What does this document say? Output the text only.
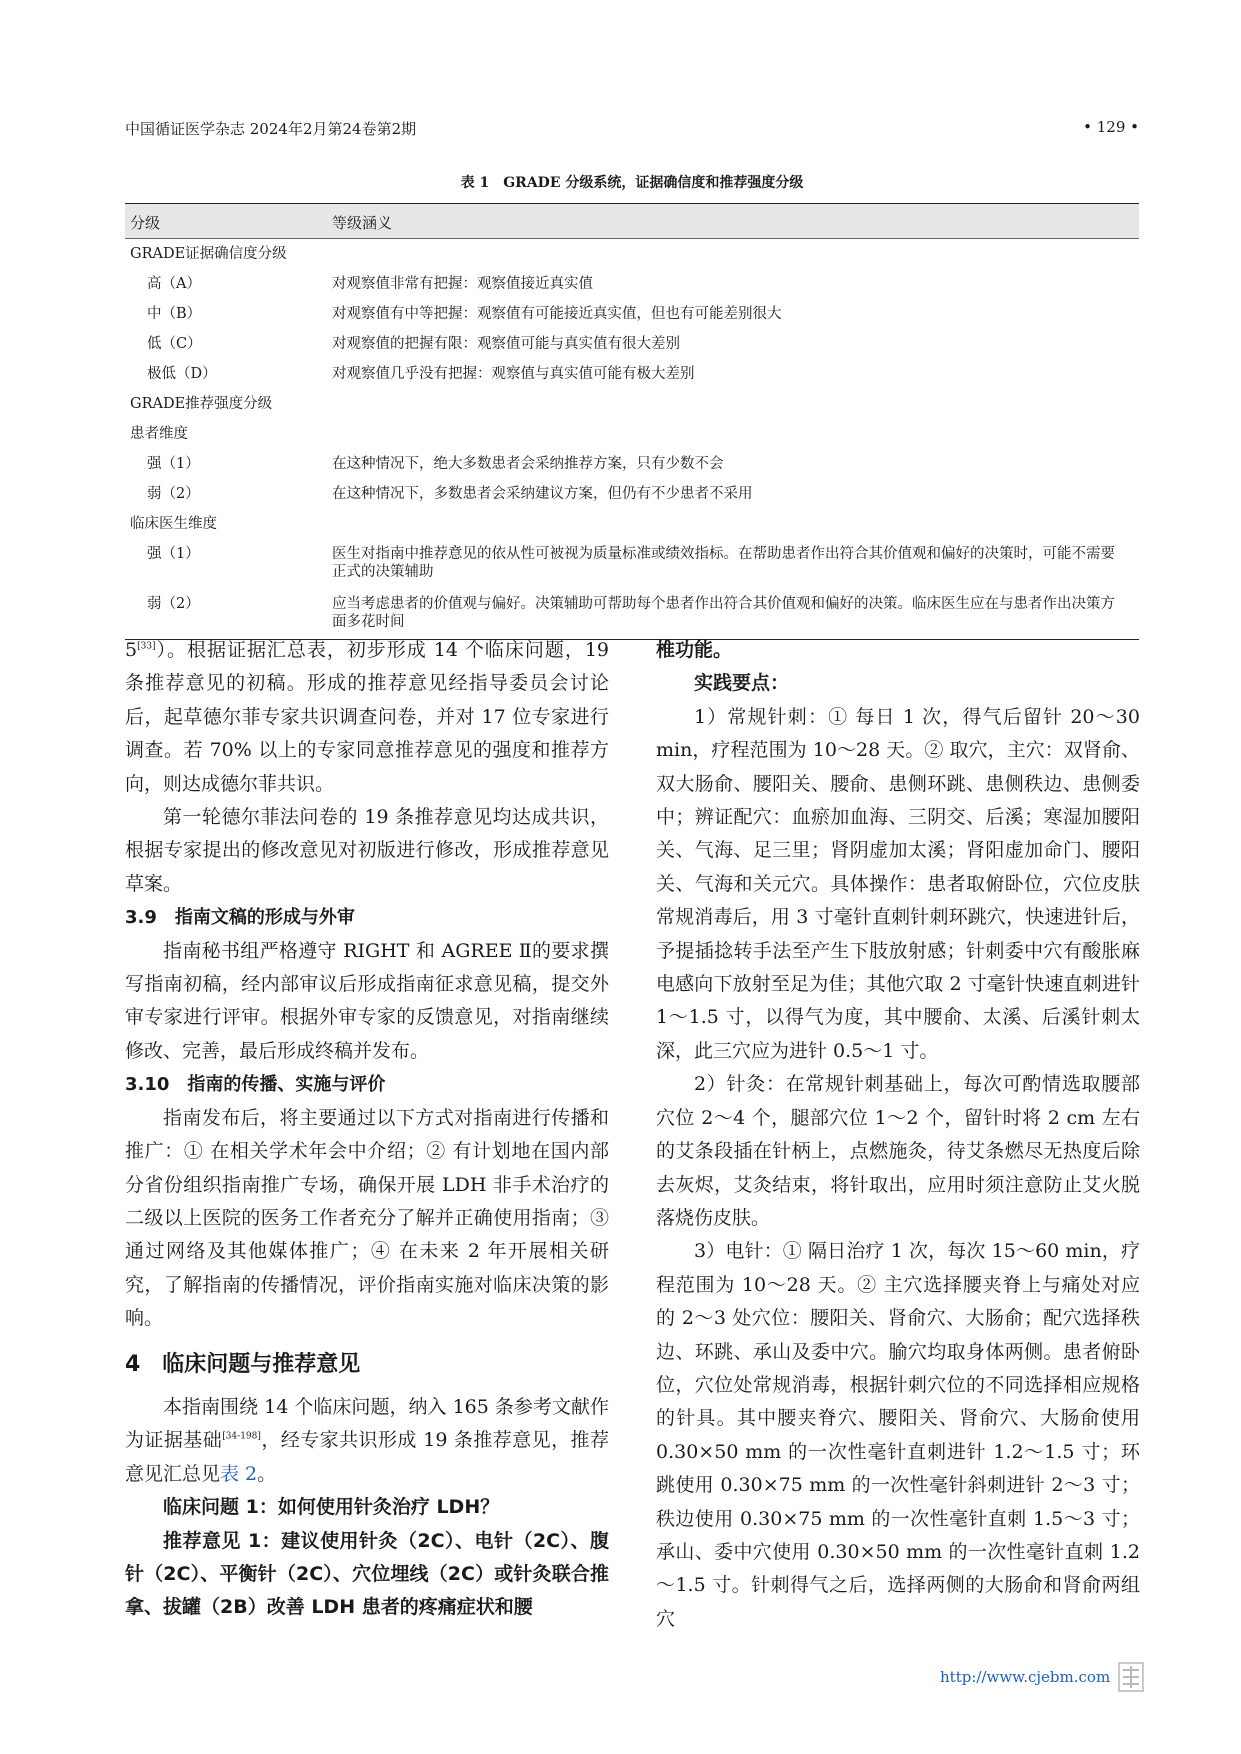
中国循证医学杂志 2024年2月第24卷第2期	• 129 •
表 1　GRADE 分级系统，证据确信度和推荐强度分级
分级	等级涵义
GRADE证据确信度分级
高（A）	对观察值非常有把握：观察值接近真实值
中（B）	对观察值有中等把握：观察值有可能接近真实值，但也有可能差别很大
低（C）	对观察值的把握有限：观察值可能与真实值有很大差别
极低（D）	对观察值几乎没有把握：观察值与真实值可能有极大差别
GRADE推荐强度分级
患者维度
强（1）	在这种情况下，绝大多数患者会采纳推荐方案，只有少数不会
弱（2）	在这种情况下，多数患者会采纳建议方案，但仍有不少患者不采用
临床医生维度
强（1）	医生对指南中推荐意见的依从性可被视为质量标准或绩效指标。在帮助患者作出符合其价值观和偏好的决策时，可能不需要正式的决策辅助
弱（2）	应当考虑患者的价值观与偏好。决策辅助可帮助每个患者作出符合其价值观和偏好的决策。临床医生应在与患者作出决策方面多花时间

5[33]）。根据证据汇总表，初步形成 14 个临床问题，19 条推荐意见的初稿。形成的推荐意见经指导委员会讨论后，起草德尔菲专家共识调查问卷，并对 17 位专家进行调查。若 70% 以上的专家同意推荐意见的强度和推荐方向，则达成德尔菲共识。

第一轮德尔菲法问卷的 19 条推荐意见均达成共识，根据专家提出的修改意见对初版进行修改，形成推荐意见草案。

3.9　指南文稿的形成与外审

指南秘书组严格遵守 RIGHT 和 AGREE Ⅱ的要求撰写指南初稿，经内部审议后形成指南征求意见稿，提交外审专家进行评审。根据外审专家的反馈意见，对指南继续修改、完善，最后形成终稿并发布。

3.10　指南的传播、实施与评价

指南发布后，将主要通过以下方式对指南进行传播和推广：① 在相关学术年会中介绍；② 有计划地在国内部分省份组织指南推广专场，确保开展 LDH 非手术治疗的二级以上医院的医务工作者充分了解并正确使用指南；③ 通过网络及其他媒体推广；④ 在未来 2 年开展相关研究，了解指南的传播情况，评价指南实施对临床决策的影响。

4　临床问题与推荐意见

本指南围绕 14 个临床问题，纳入 165 条参考文献作为证据基础[34-198]，经专家共识形成 19 条推荐意见，推荐意见汇总见表 2。

临床问题 1：如何使用针灸治疗 LDH？

推荐意见 1：建议使用针灸（2C）、电针（2C）、腹针（2C）、平衡针（2C）、穴位埋线（2C）或针灸联合推拿、拔罐（2B）改善 LDH 患者的疼痛症状和腰

椎功能。

实践要点：

1）常规针刺：① 每日 1 次，得气后留针 20～30 min，疗程范围为 10～28 天。② 取穴，主穴：双肾俞、双大肠俞、腰阳关、腰俞、患侧环跳、患侧秩边、患侧委中；辨证配穴：血瘀加血海、三阴交、后溪；寒湿加腰阳关、气海、足三里；肾阴虚加太溪；肾阳虚加命门、腰阳关、气海和关元穴。具体操作：患者取俯卧位，穴位皮肤常规消毒后，用 3 寸毫针直刺针刺环跳穴，快速进针后，予提插捻转手法至产生下肢放射感；针刺委中穴有酸胀麻电感向下放射至足为佳；其他穴取 2 寸毫针快速直刺进针 1～1.5 寸，以得气为度，其中腰俞、太溪、后溪针刺太深，此三穴应为进针 0.5～1 寸。

2）针灸：在常规针刺基础上，每次可酌情选取腰部穴位 2～4 个，腿部穴位 1～2 个，留针时将 2 cm 左右的艾条段插在针柄上，点燃施灸，待艾条燃尽无热度后除去灰烬，艾灸结束，将针取出，应用时须注意防止艾火脱落烧伤皮肤。

3）电针：① 隔日治疗 1 次，每次 15～60 min，疗程范围为 10～28 天。② 主穴选择腰夹脊上与痛处对应的 2～3 处穴位：腰阳关、肾俞穴、大肠俞；配穴选择秩边、环跳、承山及委中穴。腧穴均取身体两侧。患者俯卧位，穴位处常规消毒，根据针刺穴位的不同选择相应规格的针具。其中腰夹脊穴、腰阳关、肾俞穴、大肠俞使用 0.30×50 mm 的一次性毫针直刺进针 1.2～1.5 寸；环跳使用 0.30×75 mm 的一次性毫针斜刺进针 2～3 寸；秩边使用 0.30×75 mm 的一次性毫针直刺 1.5～3 寸；承山、委中穴使用 0.30×50 mm 的一次性毫针直刺 1.2～1.5 寸。针刺得气之后，选择两侧的大肠俞和肾俞两组穴

http://www.cjebm.com
